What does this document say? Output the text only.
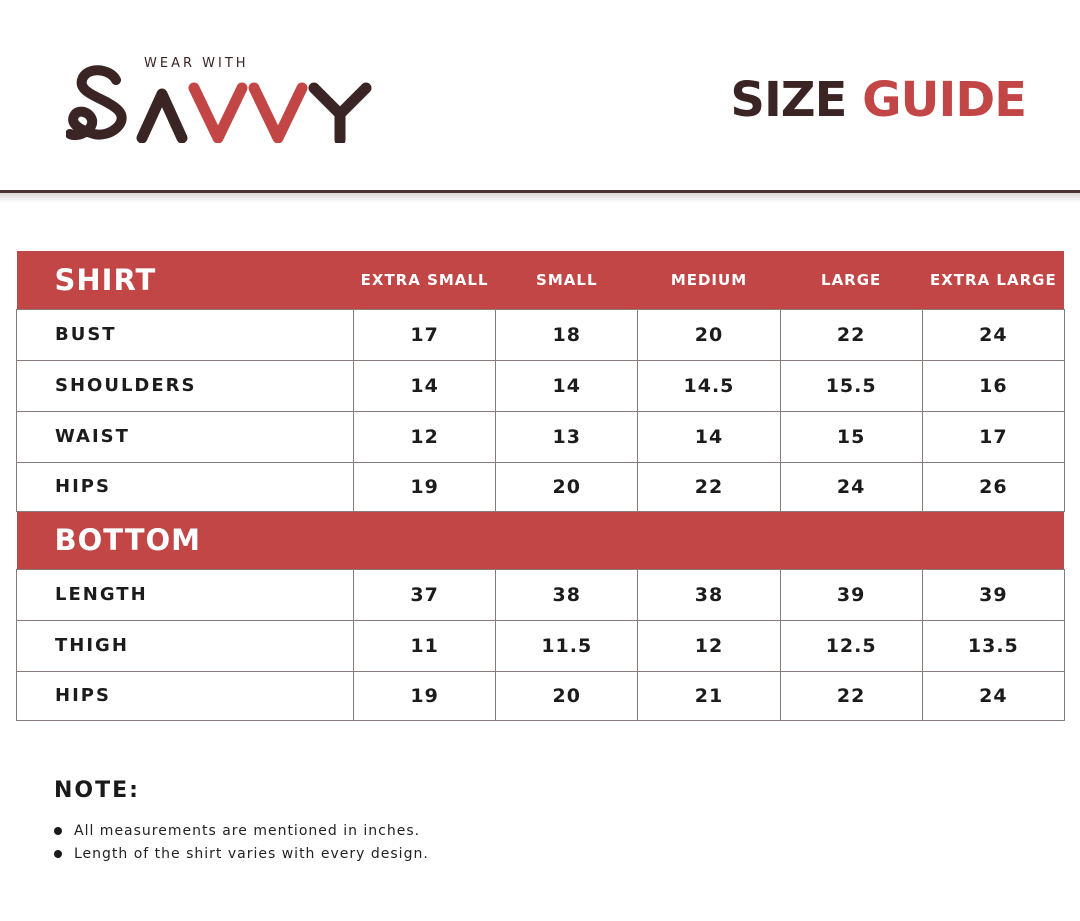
WEAR WITH
SIZE GUIDE
SHIRT	EXTRA SMALL	SMALL	MEDIUM	LARGE	EXTRA LARGE
BUST	17	18	20	22	24
SHOULDERS	14	14	14.5	15.5	16
WAIST	12	13	14	15	17
HIPS	19	20	22	24	26
BOTTOM					
LENGTH	37	38	38	39	39
THIGH	11	11.5	12	12.5	13.5
HIPS	19	20	21	22	24
NOTE:
All measurements are mentioned in inches.
Length of the shirt varies with every design.
